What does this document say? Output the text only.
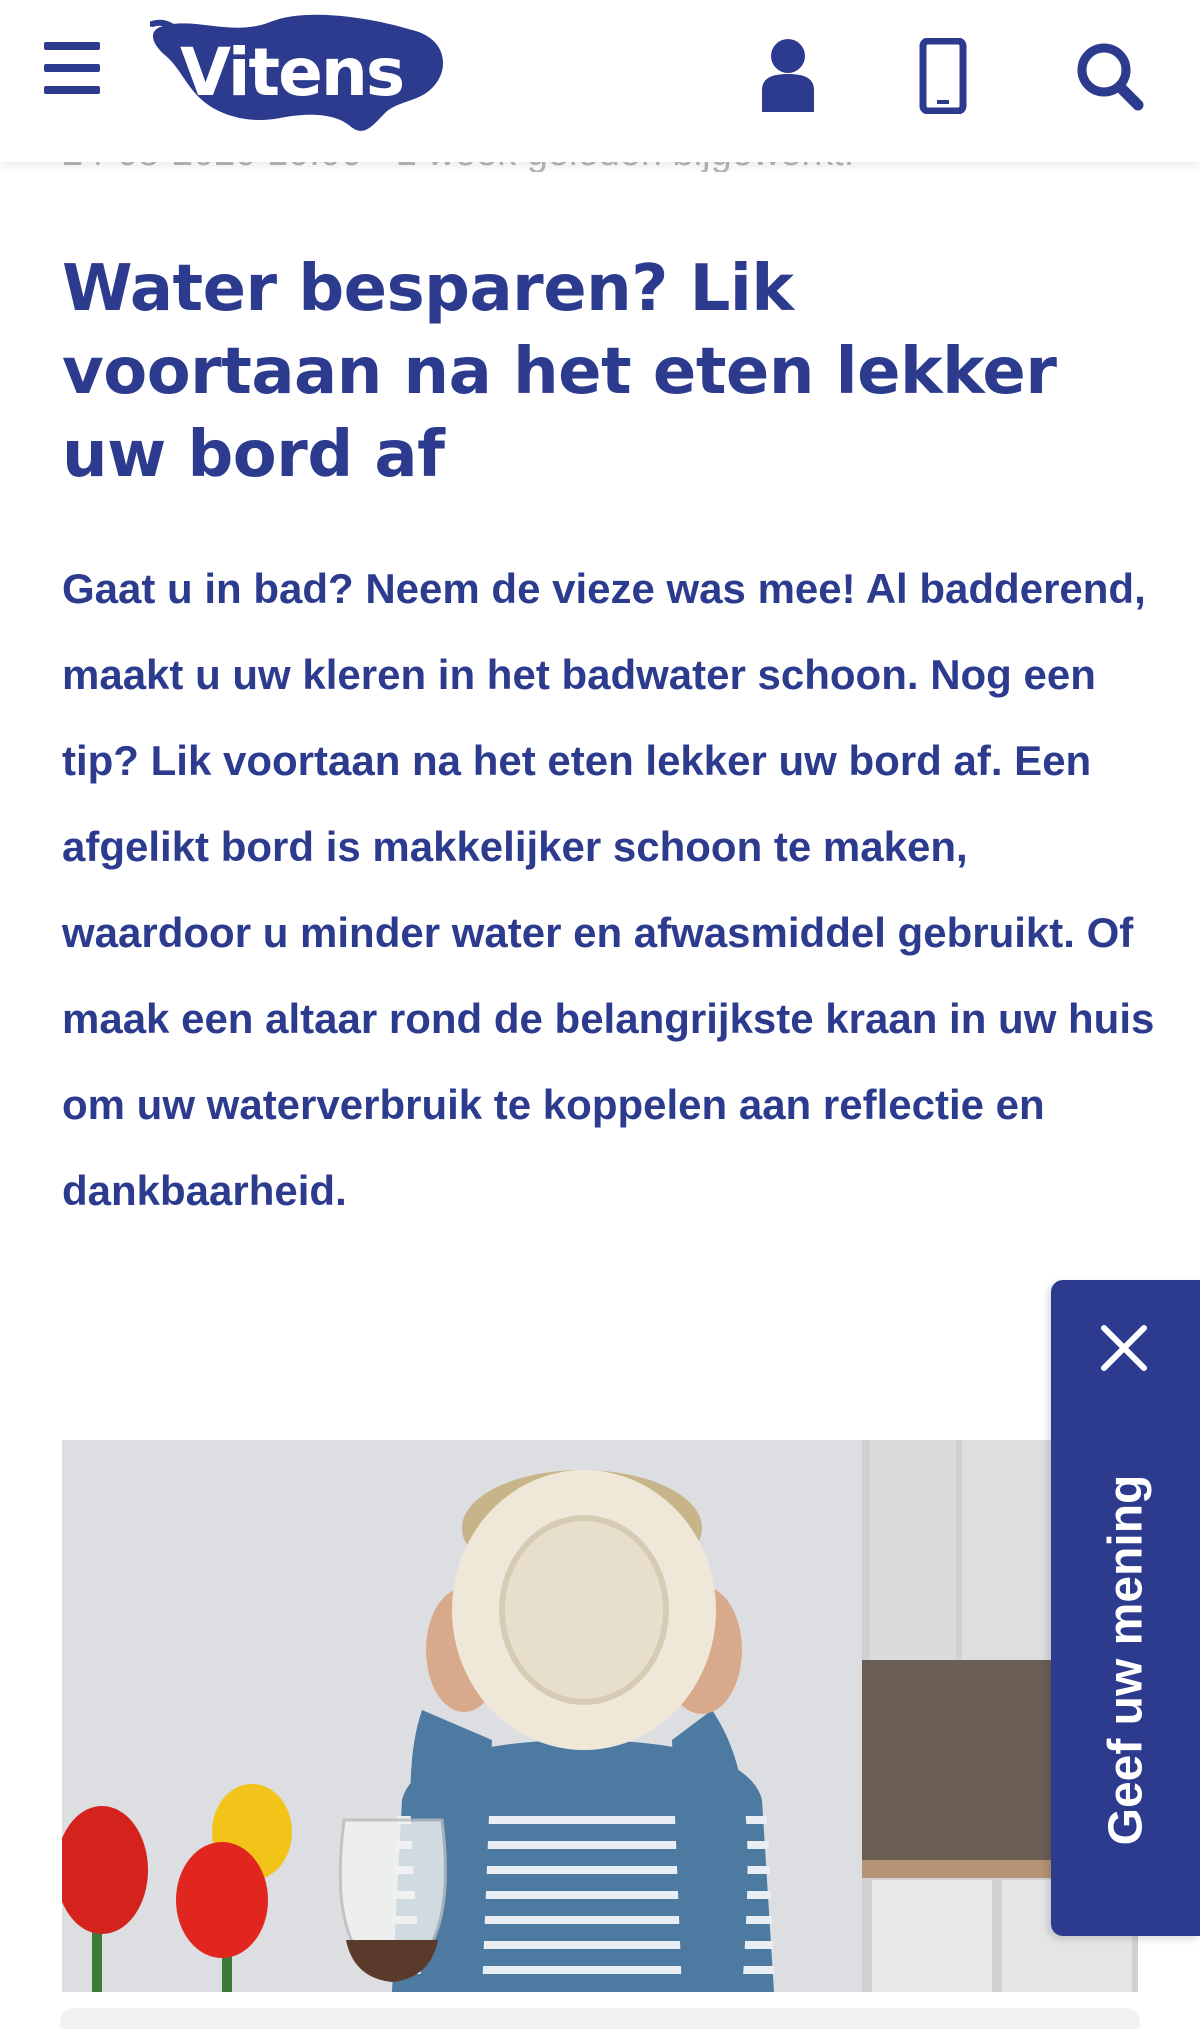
Vitens
Water besparen? Lik voortaan na het eten lekker uw bord af

Gaat u in bad? Neem de vieze was mee! Al badderend, maakt u uw kleren in het badwater schoon. Nog een tip? Lik voortaan na het eten lekker uw bord af. Een afgelikt bord is makkelijker schoon te maken, waardoor u minder water en afwasmiddel gebruikt. Of maak een altaar rond de belangrijkste kraan in uw huis om uw waterverbruik te koppelen aan reflectie en dankbaarheid.

Geef uw mening
